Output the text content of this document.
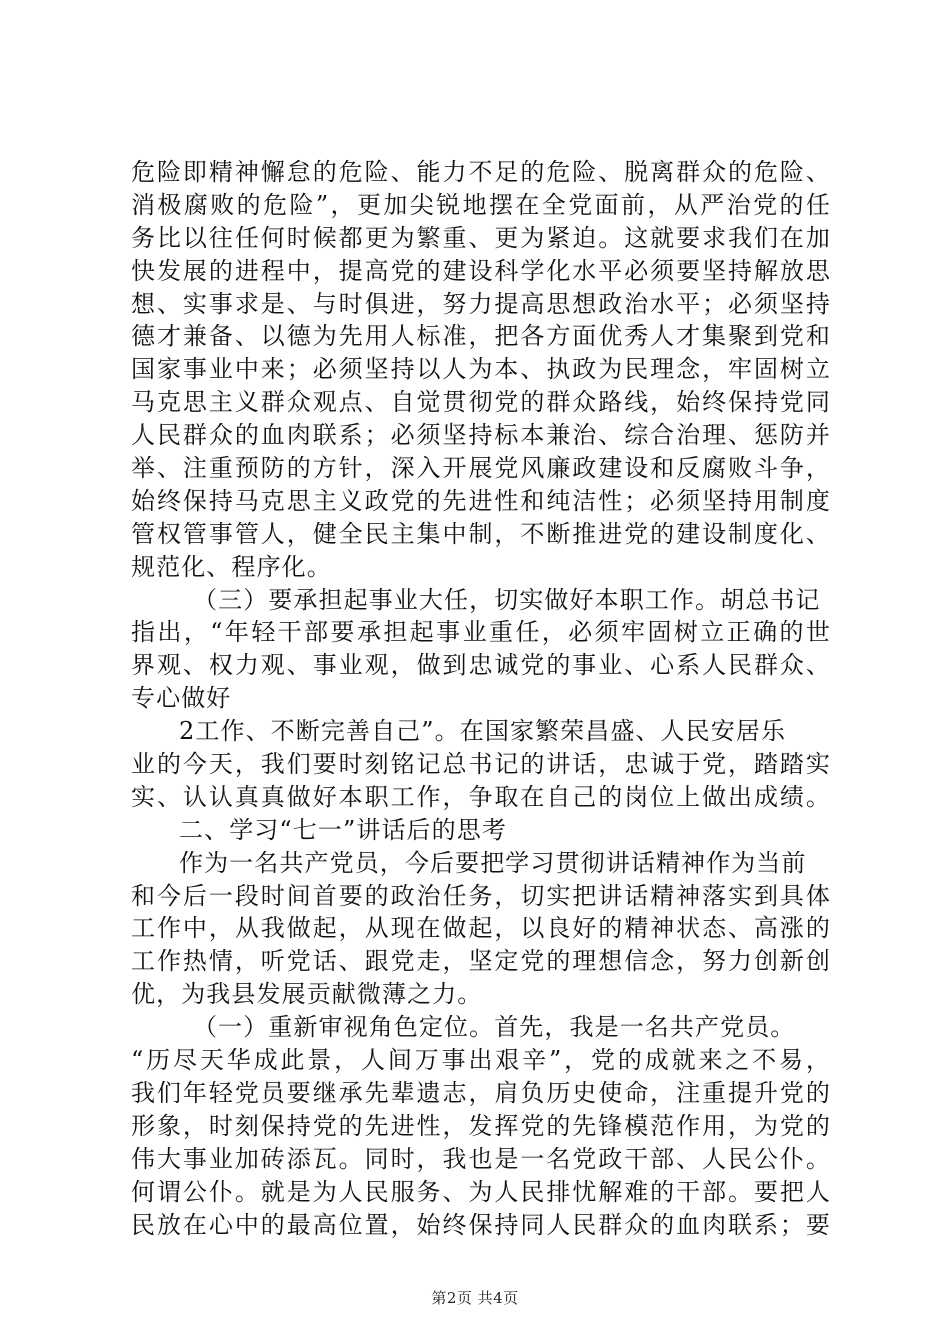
危险即精神懈怠的危险、能力不足的危险、脱离群众的危险、
消极腐败的危险”，更加尖锐地摆在全党面前，从严治党的任
务比以往任何时候都更为繁重、更为紧迫。这就要求我们在加
快发展的进程中，提高党的建设科学化水平必须要坚持解放思
想、实事求是、与时俱进，努力提高思想政治水平；必须坚持
德才兼备、以德为先用人标准，把各方面优秀人才集聚到党和
国家事业中来；必须坚持以人为本、执政为民理念，牢固树立
马克思主义群众观点、自觉贯彻党的群众路线，始终保持党同
人民群众的血肉联系；必须坚持标本兼治、综合治理、惩防并
举、注重预防的方针，深入开展党风廉政建设和反腐败斗争，
始终保持马克思主义政党的先进性和纯洁性；必须坚持用制度
管权管事管人，健全民主集中制，不断推进党的建设制度化、
规范化、程序化。
（三）要承担起事业大任，切实做好本职工作。胡总书记
指出，“年轻干部要承担起事业重任，必须牢固树立正确的世
界观、权力观、事业观，做到忠诚党的事业、心系人民群众、
专心做好
2工作、不断完善自己”。在国家繁荣昌盛、人民安居乐
业的今天，我们要时刻铭记总书记的讲话，忠诚于党，踏踏实
实、认认真真做好本职工作，争取在自己的岗位上做出成绩。
二、学习“七一”讲话后的思考
作为一名共产党员，今后要把学习贯彻讲话精神作为当前
和今后一段时间首要的政治任务，切实把讲话精神落实到具体
工作中，从我做起，从现在做起，以良好的精神状态、高涨的
工作热情，听党话、跟党走，坚定党的理想信念，努力创新创
优，为我县发展贡献微薄之力。
（一）重新审视角色定位。首先，我是一名共产党员。
“历尽天华成此景，人间万事出艰辛”，党的成就来之不易，
我们年轻党员要继承先辈遗志，肩负历史使命，注重提升党的
形象，时刻保持党的先进性，发挥党的先锋模范作用，为党的
伟大事业加砖添瓦。同时，我也是一名党政干部、人民公仆。
何谓公仆。就是为人民服务、为人民排忧解难的干部。要把人
民放在心中的最高位置，始终保持同人民群众的血肉联系；要
第2页 共4页
